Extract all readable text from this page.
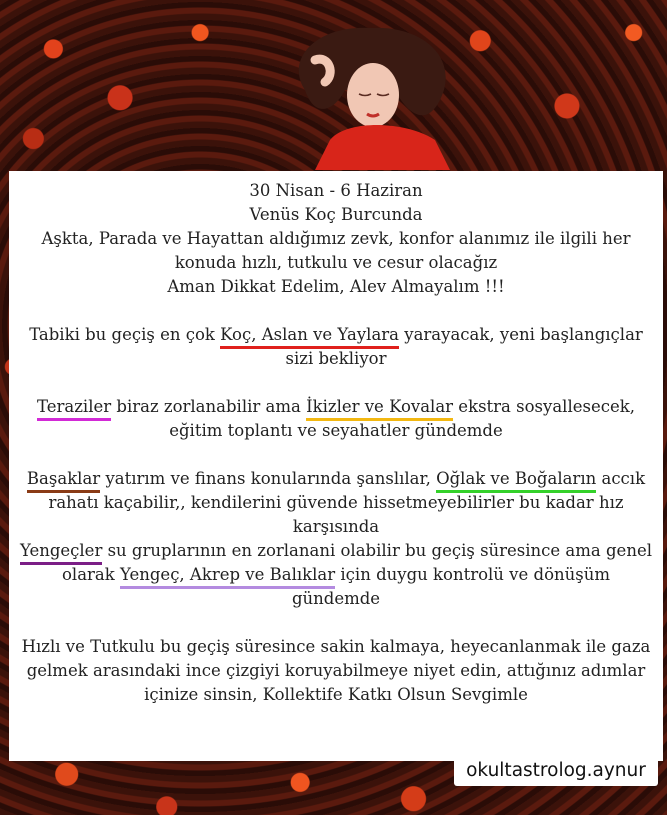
30 Nisan - 6 Haziran
Venüs Koç Burcunda
Aşkta, Parada ve Hayattan aldığımız zevk, konfor alanımız ile ilgili her
konuda hızlı, tutkulu ve cesur olacağız
Aman Dikkat Edelim, Alev Almayalım !!!
Tabiki bu geçiş en çok Koç, Aslan ve Yaylara yarayacak, yeni başlangıçlar
sizi bekliyor
Teraziler biraz zorlanabilir ama İkizler ve Kovalar ekstra sosyallesecek,
eğitim toplantı ve seyahatler gündemde
Başaklar yatırım ve finans konularında şanslılar, Oğlak ve Boğaların accık
rahatı kaçabilir,, kendilerini güvende hissetmeyebilirler bu kadar hız
karşısında
Yengeçler su gruplarının en zorlanani olabilir bu geçiş süresince ama genel
olarak Yengeç, Akrep ve Balıklar için duygu kontrolü ve dönüşüm
gündemde
Hızlı ve Tutkulu bu geçiş süresince sakin kalmaya, heyecanlanmak ile gaza
gelmek arasındaki ince çizgiyi koruyabilmeye niyet edin, attığınız adımlar
içinize sinsin, Kollektife Katkı Olsun Sevgimle
okultastrolog.aynur
